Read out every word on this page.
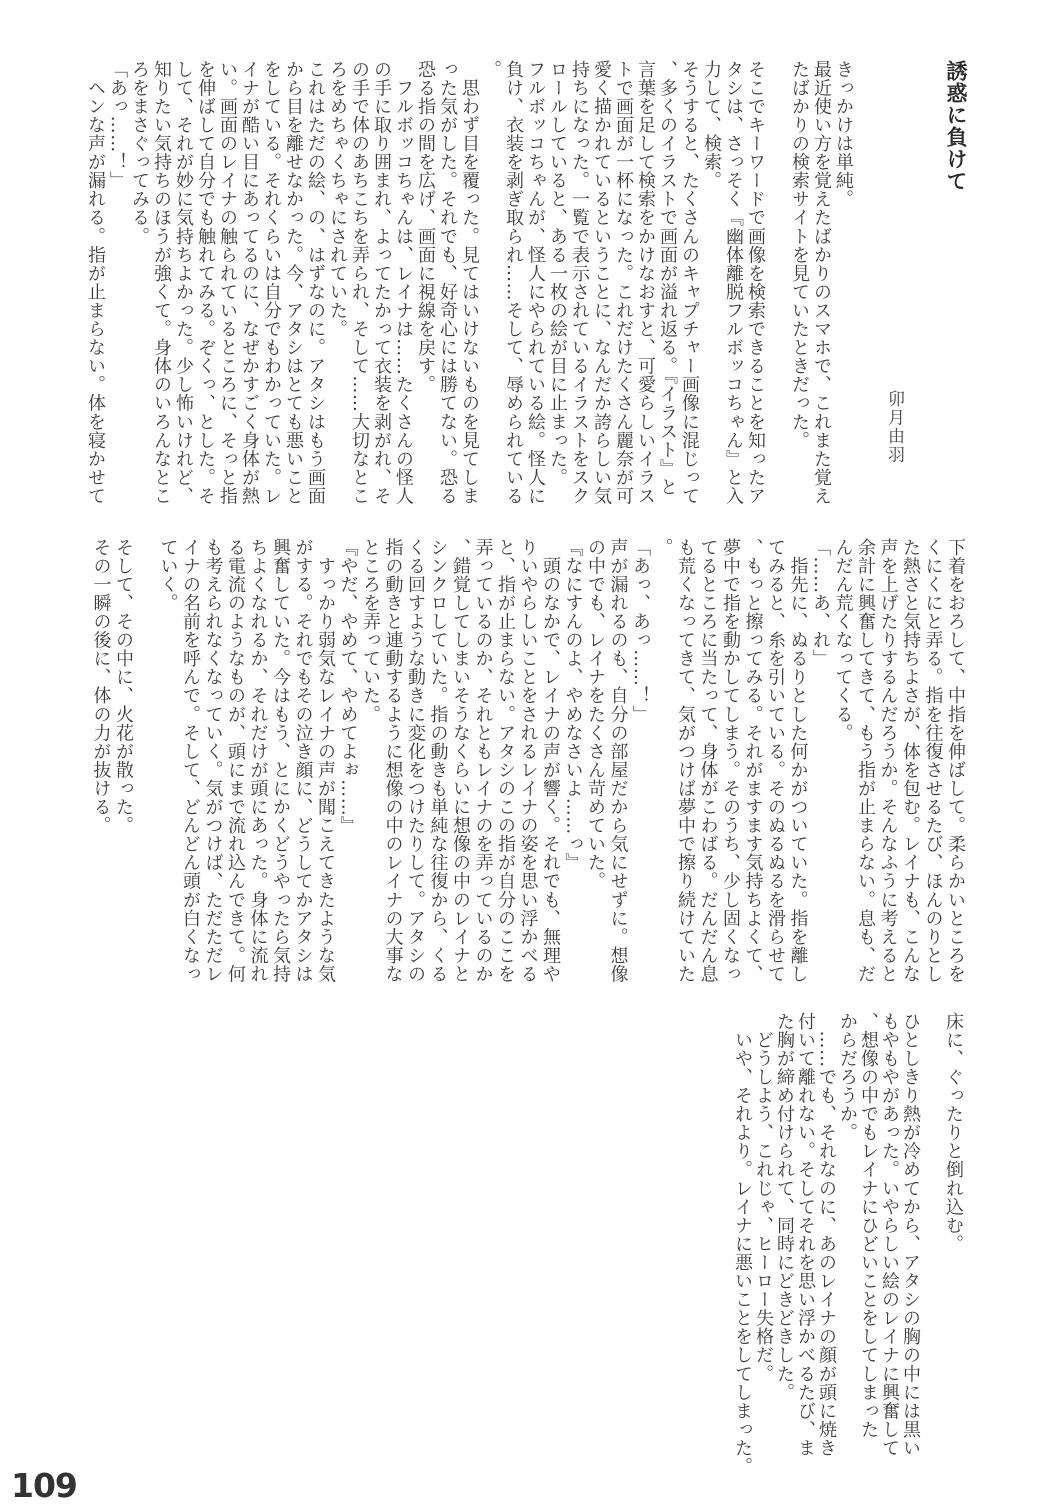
誘惑に負けて
卯月由羽
きっかけは単純。
最近使い方を覚えたばかりのスマホで、これまた覚え
たばかりの検索サイトを見ていたときだった。
そこでキーワードで画像を検索できることを知ったア
タシは、さっそく『幽体離脱フルボッコちゃん』と入
力して、検索。
そうすると、たくさんのキャプチャー画像に混じって
、多くのイラストで画面が溢れ返る。『イラスト』と
言葉を足して検索をかけなおすと、可愛らしいイラス
トで画面が一杯になった。これだけたくさん麗奈が可
愛く描かれているということに、なんだか誇らしい気
持ちになった。一覧で表示されているイラストをスク
ロールしていると、ある一枚の絵が目に止まった。
フルボッコちゃんが、怪人にやられている絵。怪人に
負け、衣装を剥ぎ取られ……そして、辱められている
。
　思わず目を覆った。見てはいけないものを見てしま
った気がした。それでも、好奇心には勝てない。恐る
恐る指の間を広げ、画面に視線を戻す。
　フルボッコちゃんは、レイナは……たくさんの怪人
の手に取り囲まれ、よってたかって衣装を剥がれ、そ
の手で体のあちこちを弄られ、そして……大切なとこ
ろをめちゃくちゃにされていた。
これはただの絵、の、はずなのに。アタシはもう画面
から目を離せなかった。今、アタシはとても悪いこと
をしている。それくらいは自分でもわかっていた。レ
イナが酷い目にあってるのに、なぜかすごく身体が熱
い。画面のレイナの触られているところに、そっと指
を伸ばして自分でも触れてみる。ぞくっ、とした。そ
して、それが妙に気持ちよかった。少し怖いけれど、
知りたい気持ちのほうが強くて。身体のいろんなとこ
ろをまさぐってみる。
「あっ……！」
　ヘンな声が漏れる。指が止まらない。体を寝かせて
下着をおろして、中指を伸ばして。柔らかいところを
くにくにと弄る。指を往復させるたび、ほんのりとし
た熱さと気持ちよさが、体を包む。レイナも、こんな
声を上げたりするんだろうか。そんなふうに考えると
余計に興奮してきて、もう指が止まらない。息も、だ
んだん荒くなってくる。
「……あ、れ」
　指先に、ぬるりとした何かがついていた。指を離し
てみると、糸を引いている。そのぬるぬるを滑らせて
、もっと擦ってみる。それがますます気持ちよくて、
夢中で指を動かしてしまう。そのうち、少し固くなっ
てるところに当たって、身体がこわばる。だんだん息
も荒くなってきて、気がつけば夢中で擦り続けていた
。
「あっ、あっ……！」
声が漏れるのも、自分の部屋だから気にせずに。想像
の中でも、レイナをたくさん苛めていた。
『なにすんのよ、やめなさいよ……っ』
　頭のなかで、レイナの声が響く。それでも、無理や
りいやらしいことをされるレイナの姿を思い浮かべる
と、指が止まらない。アタシのこの指が自分のここを
弄っているのか、それともレイナのを弄っているのか
、錯覚してしまいそうなくらいに想像の中のレイナと
シンクロしていた。指の動きも単純な往復から、くる
くる回すような動きに変化をつけたりして。アタシの
指の動きと連動するように想像の中のレイナの大事な
ところを弄っていた。
『やだ、やめて、やめてよぉ……』
　すっかり弱気なレイナの声が聞こえてきたような気
がする。それでもその泣き顔に、どうしてかアタシは
興奮していた。今はもう、とにかくどうやったら気持
ちよくなれるか、それだけが頭にあった。身体に流れ
る電流のようなものが、頭にまで流れ込んできて。何
も考えられなくなっていく。気がつけば、ただただレ
イナの名前を呼んで。そして、どんどん頭が白くなっ
ていく。
そして、その中に、火花が散った。
その一瞬の後に、体の力が抜ける。
床に、ぐったりと倒れ込む。
ひとしきり熱が冷めてから、アタシの胸の中には黒い
もやもやがあった。いやらしい絵のレイナに興奮して
、想像の中でもレイナにひどいことをしてしまった
からだろうか。
　……でも、それなのに、あのレイナの顔が頭に焼き
付いて離れない。そしてそれを思い浮かべるたび、ま
た胸が締め付けられて、同時にどきどきした。
　どうしよう、これじゃ、ヒーロー失格だ。
　いや、それより。レイナに悪いことをしてしまった。
109
